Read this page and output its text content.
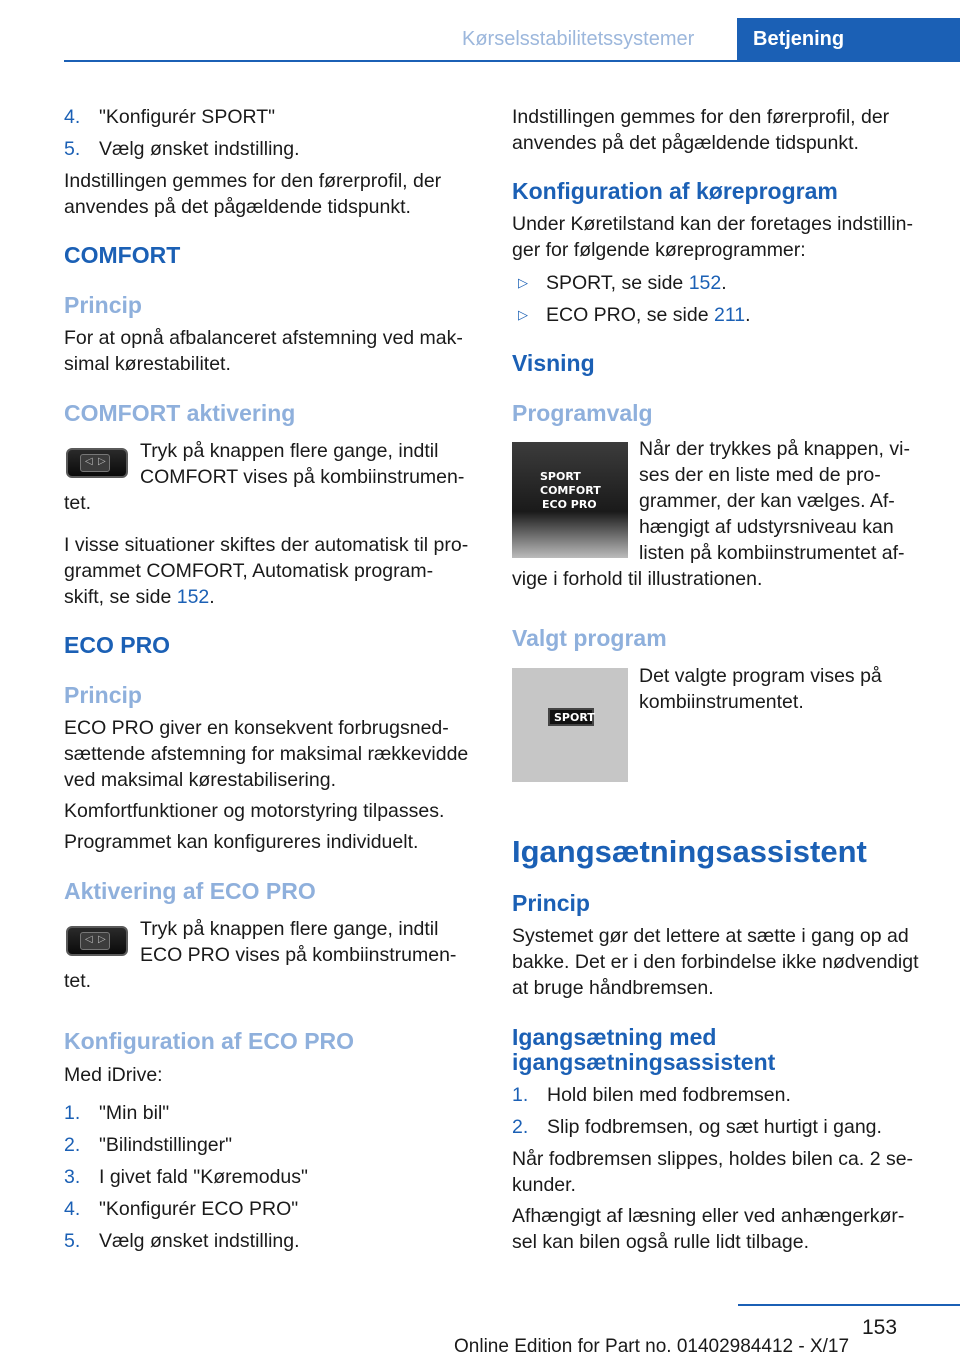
Kørselsstabilitetssystemer	Betjening
4. "Konfigurér SPORT"
5. Vælg ønsket indstilling.
Indstillingen gemmes for den førerprofil, der
anvendes på det pågældende tidspunkt.
COMFORT
Princip
For at opnå afbalanceret afstemning ved mak-
simal kørestabilitet.
COMFORT aktivering
◁ ▷ Tryk på knappen flere gange, indtil
COMFORT vises på kombiinstrumen-
tet.
I visse situationer skiftes der automatisk til pro-
grammet COMFORT, Automatisk program-
skift, se side 152.
ECO PRO
Princip
ECO PRO giver en konsekvent forbrugsned-
sættende afstemning for maksimal rækkevidde
ved maksimal kørestabilisering.
Komfortfunktioner og motorstyring tilpasses.
Programmet kan konfigureres individuelt.
Aktivering af ECO PRO
◁ ▷ Tryk på knappen flere gange, indtil
ECO PRO vises på kombiinstrumen-
tet.
Konfiguration af ECO PRO
Med iDrive:
1. "Min bil"
2. "Bilindstillinger"
3. I givet fald "Køremodus"
4. "Konfigurér ECO PRO"
5. Vælg ønsket indstilling.
Indstillingen gemmes for den førerprofil, der
anvendes på det pågældende tidspunkt.
Konfiguration af køreprogram
Under Køretilstand kan der foretages indstillin-
ger for følgende køreprogrammer:
▷ SPORT, se side 152.
▷ ECO PRO, se side 211.
Visning
Programvalg
SPORT
COMFORT
ECO PRO
Når der trykkes på knappen, vi-
ses der en liste med de pro-
grammer, der kan vælges. Af-
hængigt af udstyrsniveau kan
listen på kombiinstrumentet af-
vige i forhold til illustrationen.
Valgt program
SPORT
Det valgte program vises på
kombiinstrumentet.
Igangsætningsassistent
Princip
Systemet gør det lettere at sætte i gang op ad
bakke. Det er i den forbindelse ikke nødvendigt
at bruge håndbremsen.
Igangsætning med
igangsætningsassistent
1. Hold bilen med fodbremsen.
2. Slip fodbremsen, og sæt hurtigt i gang.
Når fodbremsen slippes, holdes bilen ca. 2 se-
kunder.
Afhængigt af læsning eller ved anhængerkør-
sel kan bilen også rulle lidt tilbage.
153
Online Edition for Part no. 01402984412 - X/17
